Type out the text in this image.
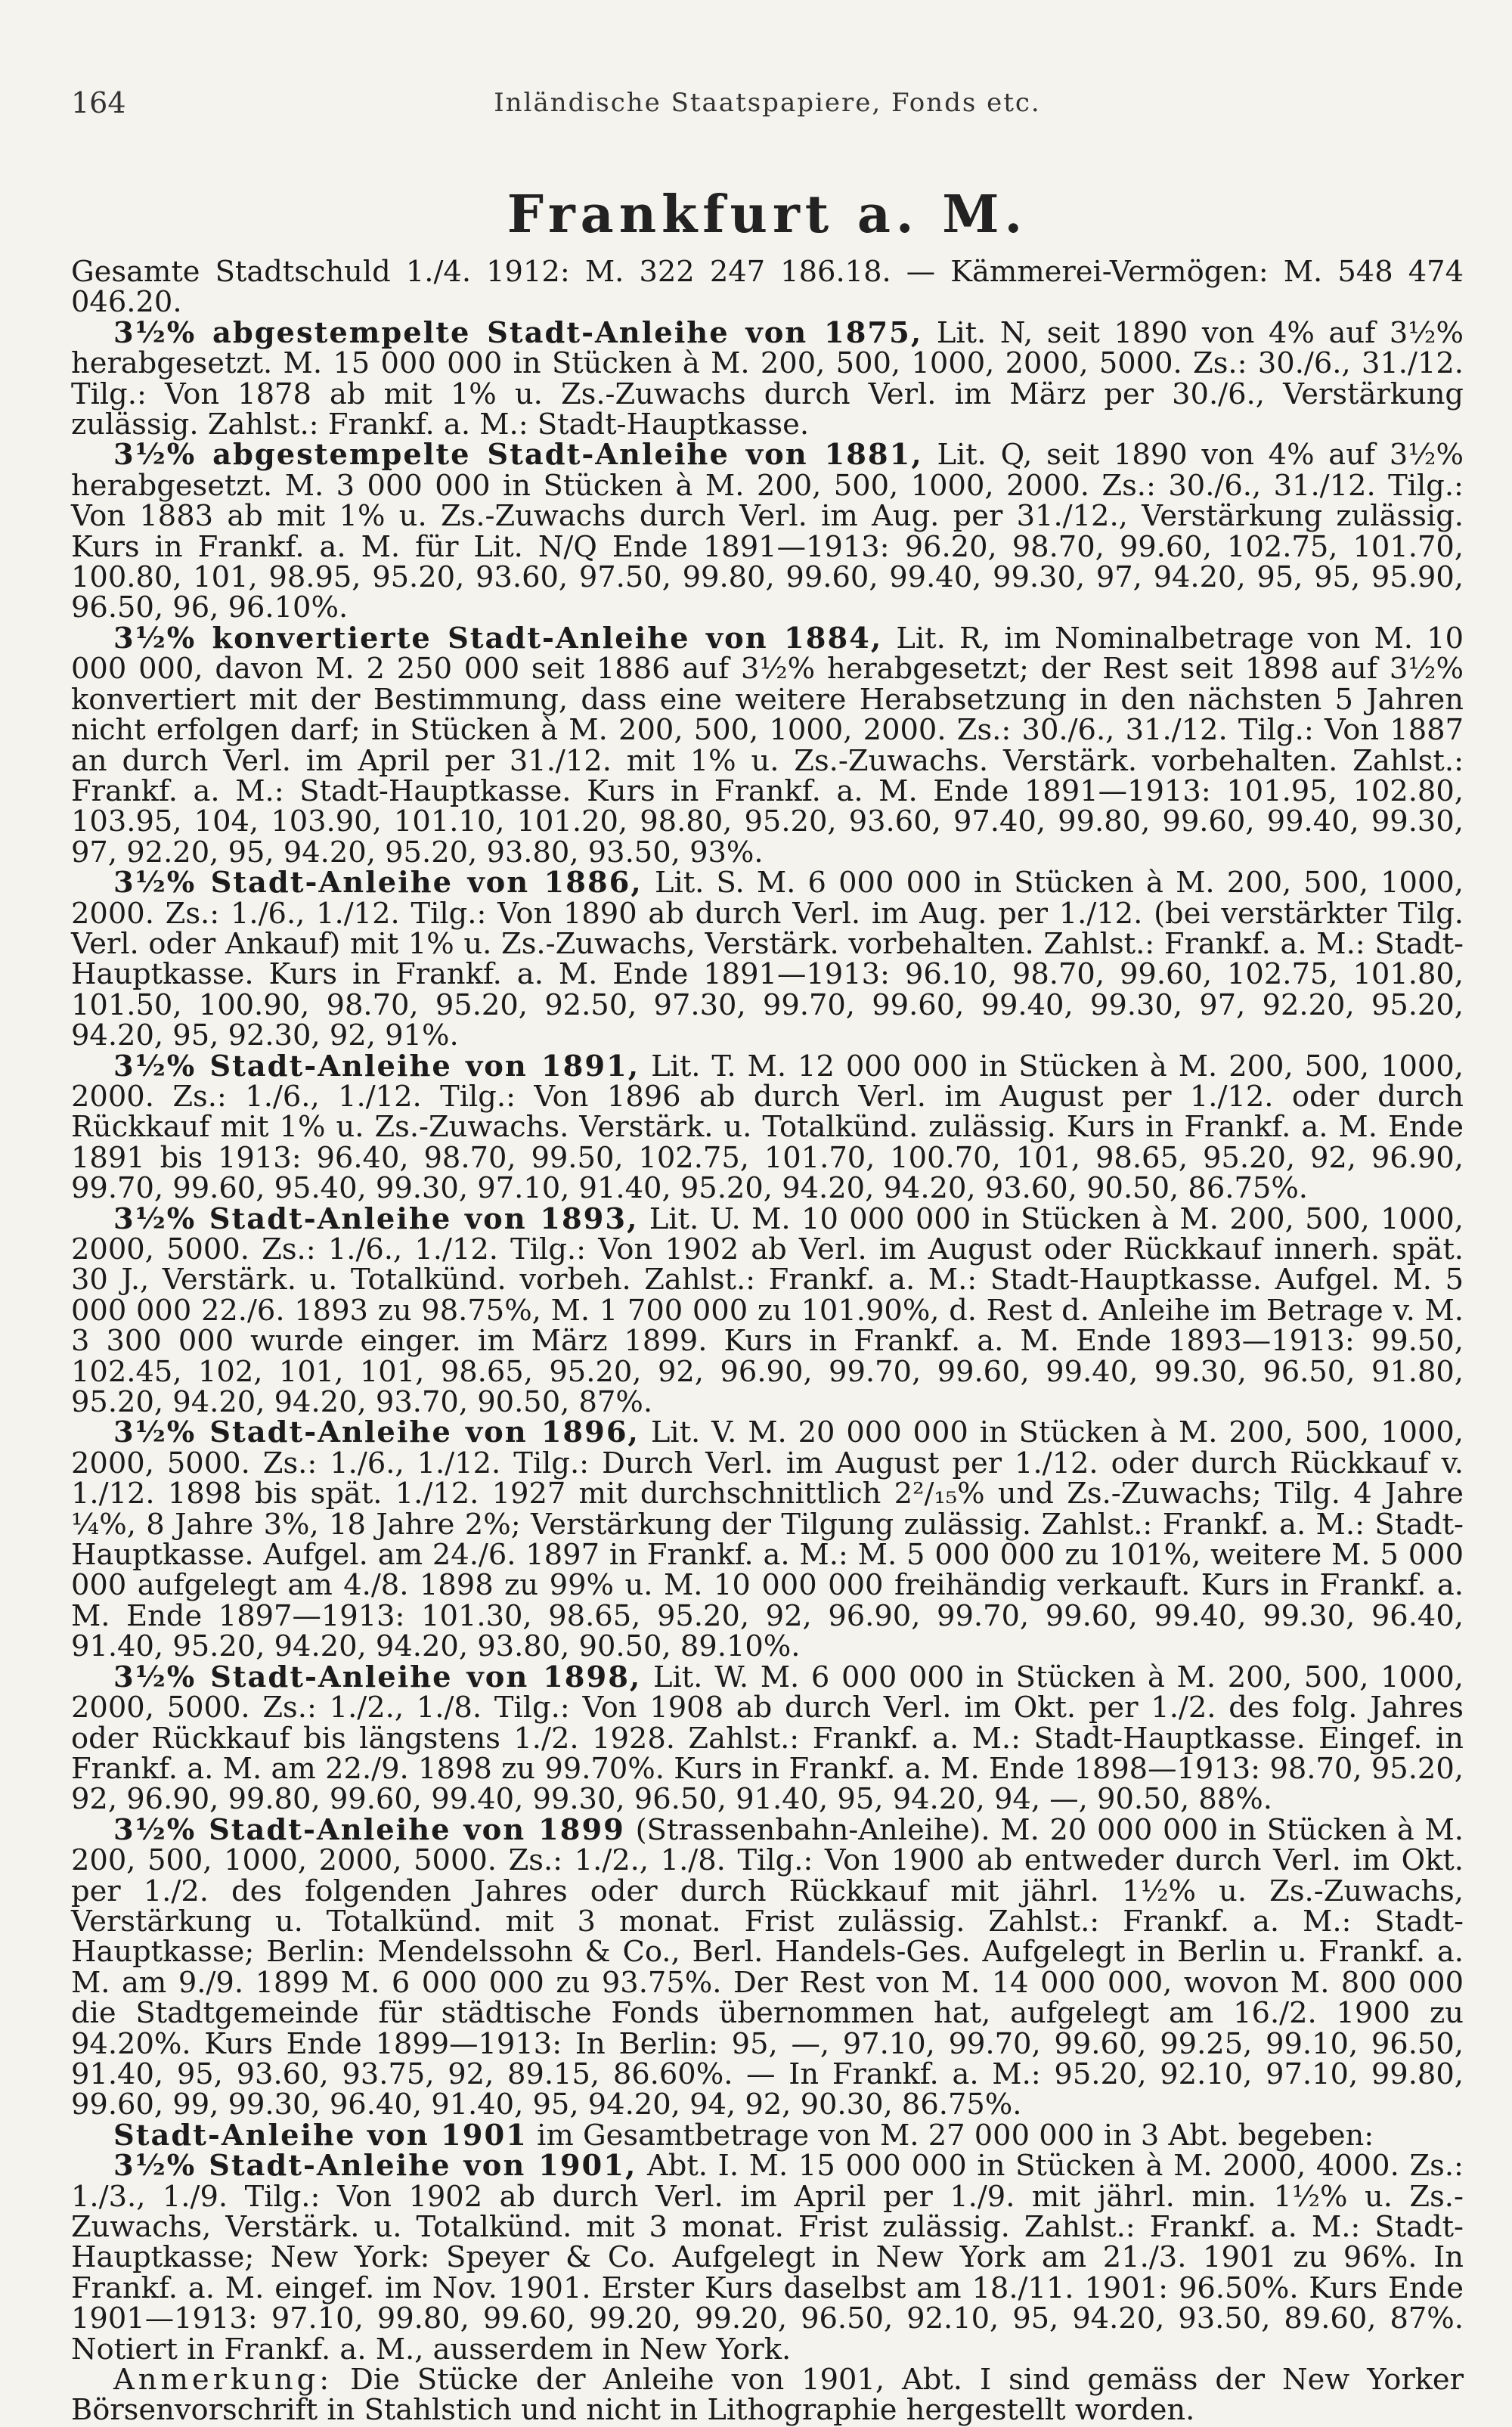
164	Inländische Staatspapiere, Fonds etc.
Frankfurt a. M.

Gesamte Stadtschuld 1./4. 1912: M. 322 247 186.18. — Kämmerei-Vermögen: M. 548 474 046.20.

3½% abgestempelte Stadt-Anleihe von 1875, Lit. N, seit 1890 von 4% auf 3½% herabgesetzt. M. 15 000 000 in Stücken à M. 200, 500, 1000, 2000, 5000. Zs.: 30./6., 31./12. Tilg.: Von 1878 ab mit 1% u. Zs.-Zuwachs durch Verl. im März per 30./6., Verstärkung zulässig. Zahlst.: Frankf. a. M.: Stadt-Hauptkasse.

3½% abgestempelte Stadt-Anleihe von 1881, Lit. Q, seit 1890 von 4% auf 3½% herabgesetzt. M. 3 000 000 in Stücken à M. 200, 500, 1000, 2000. Zs.: 30./6., 31./12. Tilg.: Von 1883 ab mit 1% u. Zs.-Zuwachs durch Verl. im Aug. per 31./12., Verstärkung zulässig. Kurs in Frankf. a. M. für Lit. N/Q Ende 1891—1913: 96.20, 98.70, 99.60, 102.75, 101.70, 100.80, 101, 98.95, 95.20, 93.60, 97.50, 99.80, 99.60, 99.40, 99.30, 97, 94.20, 95, 95, 95.90, 96.50, 96, 96.10%.

3½% konvertierte Stadt-Anleihe von 1884, Lit. R, im Nominalbetrage von M. 10 000 000, davon M. 2 250 000 seit 1886 auf 3½% herabgesetzt; der Rest seit 1898 auf 3½% konvertiert mit der Bestimmung, dass eine weitere Herabsetzung in den nächsten 5 Jahren nicht erfolgen darf; in Stücken à M. 200, 500, 1000, 2000. Zs.: 30./6., 31./12. Tilg.: Von 1887 an durch Verl. im April per 31./12. mit 1% u. Zs.-Zuwachs. Verstärk. vorbehalten. Zahlst.: Frankf. a. M.: Stadt-Hauptkasse. Kurs in Frankf. a. M. Ende 1891—1913: 101.95, 102.80, 103.95, 104, 103.90, 101.10, 101.20, 98.80, 95.20, 93.60, 97.40, 99.80, 99.60, 99.40, 99.30, 97, 92.20, 95, 94.20, 95.20, 93.80, 93.50, 93%.

3½% Stadt-Anleihe von 1886, Lit. S. M. 6 000 000 in Stücken à M. 200, 500, 1000, 2000. Zs.: 1./6., 1./12. Tilg.: Von 1890 ab durch Verl. im Aug. per 1./12. (bei verstärkter Tilg. Verl. oder Ankauf) mit 1% u. Zs.-Zuwachs, Verstärk. vorbehalten. Zahlst.: Frankf. a. M.: Stadt-Hauptkasse. Kurs in Frankf. a. M. Ende 1891—1913: 96.10, 98.70, 99.60, 102.75, 101.80, 101.50, 100.90, 98.70, 95.20, 92.50, 97.30, 99.70, 99.60, 99.40, 99.30, 97, 92.20, 95.20, 94.20, 95, 92.30, 92, 91%.

3½% Stadt-Anleihe von 1891, Lit. T. M. 12 000 000 in Stücken à M. 200, 500, 1000, 2000. Zs.: 1./6., 1./12. Tilg.: Von 1896 ab durch Verl. im August per 1./12. oder durch Rückkauf mit 1% u. Zs.-Zuwachs. Verstärk. u. Totalkünd. zulässig. Kurs in Frankf. a. M. Ende 1891 bis 1913: 96.40, 98.70, 99.50, 102.75, 101.70, 100.70, 101, 98.65, 95.20, 92, 96.90, 99.70, 99.60, 95.40, 99.30, 97.10, 91.40, 95.20, 94.20, 94.20, 93.60, 90.50, 86.75%.

3½% Stadt-Anleihe von 1893, Lit. U. M. 10 000 000 in Stücken à M. 200, 500, 1000, 2000, 5000. Zs.: 1./6., 1./12. Tilg.: Von 1902 ab Verl. im August oder Rückkauf innerh. spät. 30 J., Verstärk. u. Totalkünd. vorbeh. Zahlst.: Frankf. a. M.: Stadt-Hauptkasse. Aufgel. M. 5 000 000 22./6. 1893 zu 98.75%, M. 1 700 000 zu 101.90%, d. Rest d. Anleihe im Betrage v. M. 3 300 000 wurde einger. im März 1899. Kurs in Frankf. a. M. Ende 1893—1913: 99.50, 102.45, 102, 101, 101, 98.65, 95.20, 92, 96.90, 99.70, 99.60, 99.40, 99.30, 96.50, 91.80, 95.20, 94.20, 94.20, 93.70, 90.50, 87%.

3½% Stadt-Anleihe von 1896, Lit. V. M. 20 000 000 in Stücken à M. 200, 500, 1000, 2000, 5000. Zs.: 1./6., 1./12. Tilg.: Durch Verl. im August per 1./12. oder durch Rückkauf v. 1./12. 1898 bis spät. 1./12. 1927 mit durchschnittlich 2²/₁₅% und Zs.-Zuwachs; Tilg. 4 Jahre ¼%, 8 Jahre 3%, 18 Jahre 2%; Verstärkung der Tilgung zulässig. Zahlst.: Frankf. a. M.: Stadt-Hauptkasse. Aufgel. am 24./6. 1897 in Frankf. a. M.: M. 5 000 000 zu 101%, weitere M. 5 000 000 aufgelegt am 4./8. 1898 zu 99% u. M. 10 000 000 freihändig verkauft. Kurs in Frankf. a. M. Ende 1897—1913: 101.30, 98.65, 95.20, 92, 96.90, 99.70, 99.60, 99.40, 99.30, 96.40, 91.40, 95.20, 94.20, 94.20, 93.80, 90.50, 89.10%.

3½% Stadt-Anleihe von 1898, Lit. W. M. 6 000 000 in Stücken à M. 200, 500, 1000, 2000, 5000. Zs.: 1./2., 1./8. Tilg.: Von 1908 ab durch Verl. im Okt. per 1./2. des folg. Jahres oder Rückkauf bis längstens 1./2. 1928. Zahlst.: Frankf. a. M.: Stadt-Hauptkasse. Eingef. in Frankf. a. M. am 22./9. 1898 zu 99.70%. Kurs in Frankf. a. M. Ende 1898—1913: 98.70, 95.20, 92, 96.90, 99.80, 99.60, 99.40, 99.30, 96.50, 91.40, 95, 94.20, 94, —, 90.50, 88%.

3½% Stadt-Anleihe von 1899 (Strassenbahn-Anleihe). M. 20 000 000 in Stücken à M. 200, 500, 1000, 2000, 5000. Zs.: 1./2., 1./8. Tilg.: Von 1900 ab entweder durch Verl. im Okt. per 1./2. des folgenden Jahres oder durch Rückkauf mit jährl. 1½% u. Zs.-Zuwachs, Verstärkung u. Totalkünd. mit 3 monat. Frist zulässig. Zahlst.: Frankf. a. M.: Stadt-Hauptkasse; Berlin: Mendelssohn & Co., Berl. Handels-Ges. Aufgelegt in Berlin u. Frankf. a. M. am 9./9. 1899 M. 6 000 000 zu 93.75%. Der Rest von M. 14 000 000, wovon M. 800 000 die Stadtgemeinde für städtische Fonds übernommen hat, aufgelegt am 16./2. 1900 zu 94.20%. Kurs Ende 1899—1913: In Berlin: 95, —, 97.10, 99.70, 99.60, 99.25, 99.10, 96.50, 91.40, 95, 93.60, 93.75, 92, 89.15, 86.60%. — In Frankf. a. M.: 95.20, 92.10, 97.10, 99.80, 99.60, 99, 99.30, 96.40, 91.40, 95, 94.20, 94, 92, 90.30, 86.75%.

Stadt-Anleihe von 1901 im Gesamtbetrage von M. 27 000 000 in 3 Abt. begeben:

3½% Stadt-Anleihe von 1901, Abt. I. M. 15 000 000 in Stücken à M. 2000, 4000. Zs.: 1./3., 1./9. Tilg.: Von 1902 ab durch Verl. im April per 1./9. mit jährl. min. 1½% u. Zs.-Zuwachs, Verstärk. u. Totalkünd. mit 3 monat. Frist zulässig. Zahlst.: Frankf. a. M.: Stadt-Hauptkasse; New York: Speyer & Co. Aufgelegt in New York am 21./3. 1901 zu 96%. In Frankf. a. M. eingef. im Nov. 1901. Erster Kurs daselbst am 18./11. 1901: 96.50%. Kurs Ende 1901—1913: 97.10, 99.80, 99.60, 99.20, 99.20, 96.50, 92.10, 95, 94.20, 93.50, 89.60, 87%. Notiert in Frankf. a. M., ausserdem in New York.

Anmerkung: Die Stücke der Anleihe von 1901, Abt. I sind gemäss der New Yorker Börsenvorschrift in Stahlstich und nicht in Lithographie hergestellt worden.
